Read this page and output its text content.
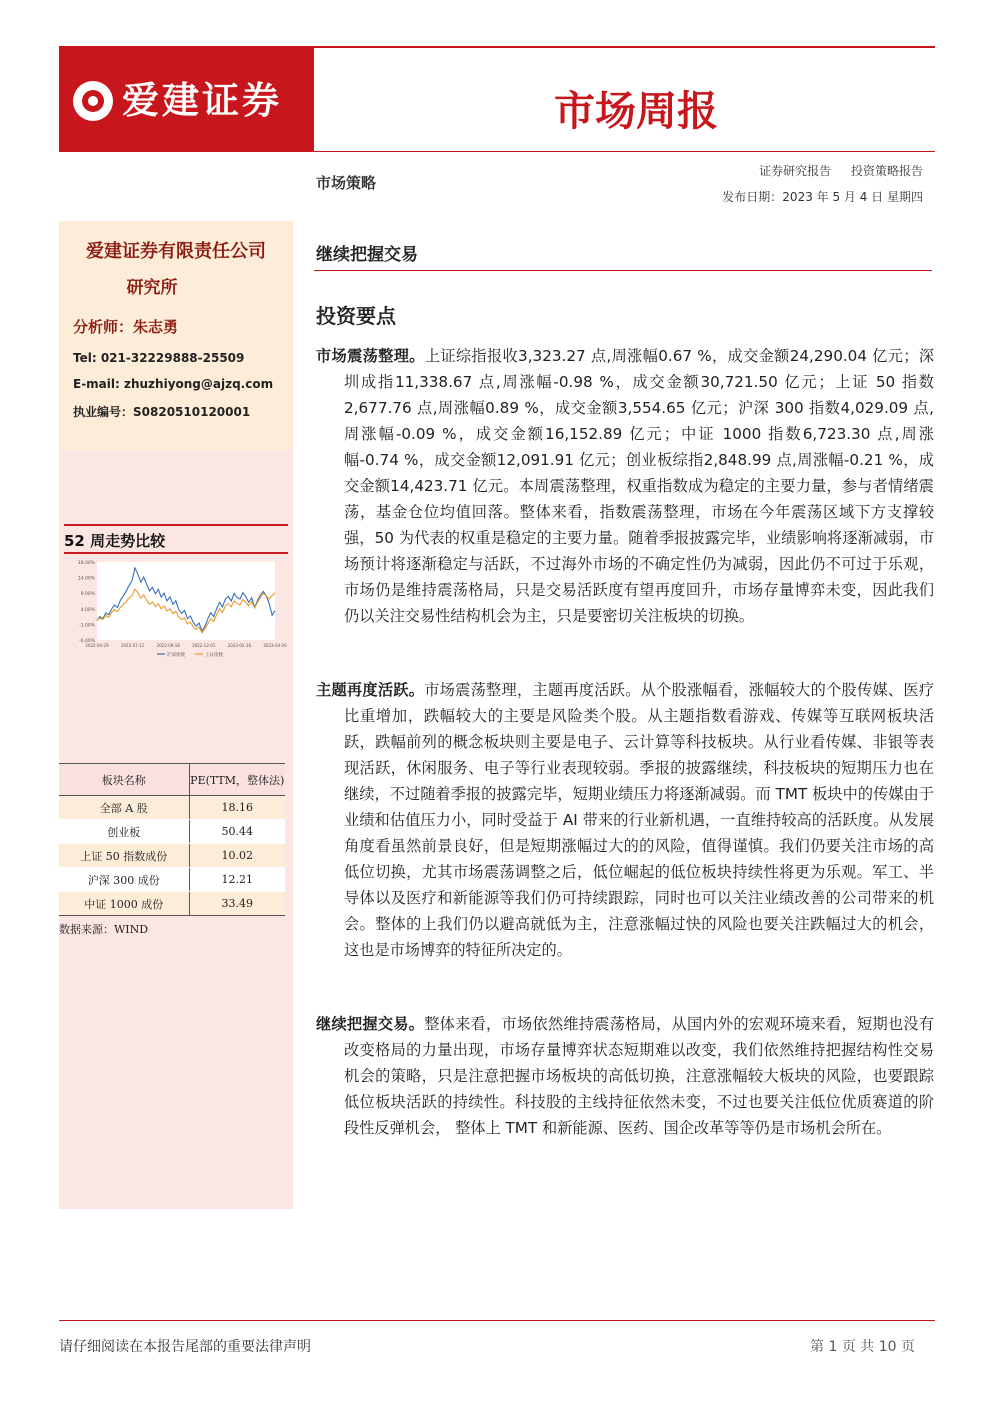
爱建证券	市场周报
市场策略
证券研究报告 投资策略报告
发布日期：2023 年 5 月 4 日 星期四
爱建证券有限责任公司
研究所
分析师：朱志勇
Tel: 021-32229888-25509
E-mail: zhuzhiyong@ajzq.com
执业编号：S0820510120001
52 周走势比较
18.00%
14.00%
9.00%
4.00%
-1.00%
-6.00%
2022-04-29	2022-07-12	2022-09-18	2022-12-01	2023-02-16	2023-04-26
沪深指数	上证指数
板块名称	PE(TTM，整体法)
全部 A 股	18.16
创业板	50.44
上证 50 指数成份	10.02
沪深 300 成份	12.21
中证 1000 成份	33.49
数据来源：WIND
继续把握交易
投资要点

市场震荡整理。上证综指报收3,323.27 点,周涨幅0.67 %，成交金额24,290.04 亿元；深圳成指11,338.67 点,周涨幅-0.98 %，成交金额30,721.50 亿元；上证 50 指数2,677.76 点,周涨幅0.89 %，成交金额3,554.65 亿元；沪深 300 指数4,029.09 点,周涨幅-0.09 %，成交金额16,152.89 亿元；中证 1000 指数6,723.30 点,周涨幅-0.74 %，成交金额12,091.91 亿元；创业板综指2,848.99 点,周涨幅-0.21 %，成交金额14,423.71 亿元。本周震荡整理，权重指数成为稳定的主要力量，参与者情绪震荡，基金仓位均值回落。整体来看，指数震荡整理，市场在今年震荡区域下方支撑较强，50 为代表的权重是稳定的主要力量。随着季报披露完毕，业绩影响将逐渐减弱，市场预计将逐渐稳定与活跃，不过海外市场的不确定性仍为减弱，因此仍不可过于乐观，市场仍是维持震荡格局，只是交易活跃度有望再度回升，市场存量博弈未变，因此我们仍以关注交易性结构机会为主，只是要密切关注板块的切换。

主题再度活跃。市场震荡整理，主题再度活跃。从个股涨幅看，涨幅较大的个股传媒、医疗比重增加，跌幅较大的主要是风险类个股。从主题指数看游戏、传媒等互联网板块活跃，跌幅前列的概念板块则主要是电子、云计算等科技板块。从行业看传媒、非银等表现活跃，休闲服务、电子等行业表现较弱。季报的披露继续，科技板块的短期压力也在继续，不过随着季报的披露完毕，短期业绩压力将逐渐减弱。而 TMT 板块中的传媒由于业绩和估值压力小，同时受益于 AI 带来的行业新机遇，一直维持较高的活跃度。从发展角度看虽然前景良好，但是短期涨幅过大的的风险，值得谨慎。我们仍要关注市场的高低位切换，尤其市场震荡调整之后，低位崛起的低位板块持续性将更为乐观。军工、半导体以及医疗和新能源等我们仍可持续跟踪，同时也可以关注业绩改善的公司带来的机会。整体的上我们仍以避高就低为主，注意涨幅过快的风险也要关注跌幅过大的机会，这也是市场博弈的特征所决定的。

继续把握交易。整体来看，市场依然维持震荡格局，从国内外的宏观环境来看，短期也没有改变格局的力量出现，市场存量博弈状态短期难以改变，我们依然维持把握结构性交易机会的策略，只是注意把握市场板块的高低切换，注意涨幅较大板块的风险，也要跟踪低位板块活跃的持续性。科技股的主线持征依然未变，不过也要关注低位优质赛道的阶段性反弹机会， 整体上 TMT 和新能源、医药、国企改革等等仍是市场机会所在。

请仔细阅读在本报告尾部的重要法律声明	第 1 页 共 10 页
